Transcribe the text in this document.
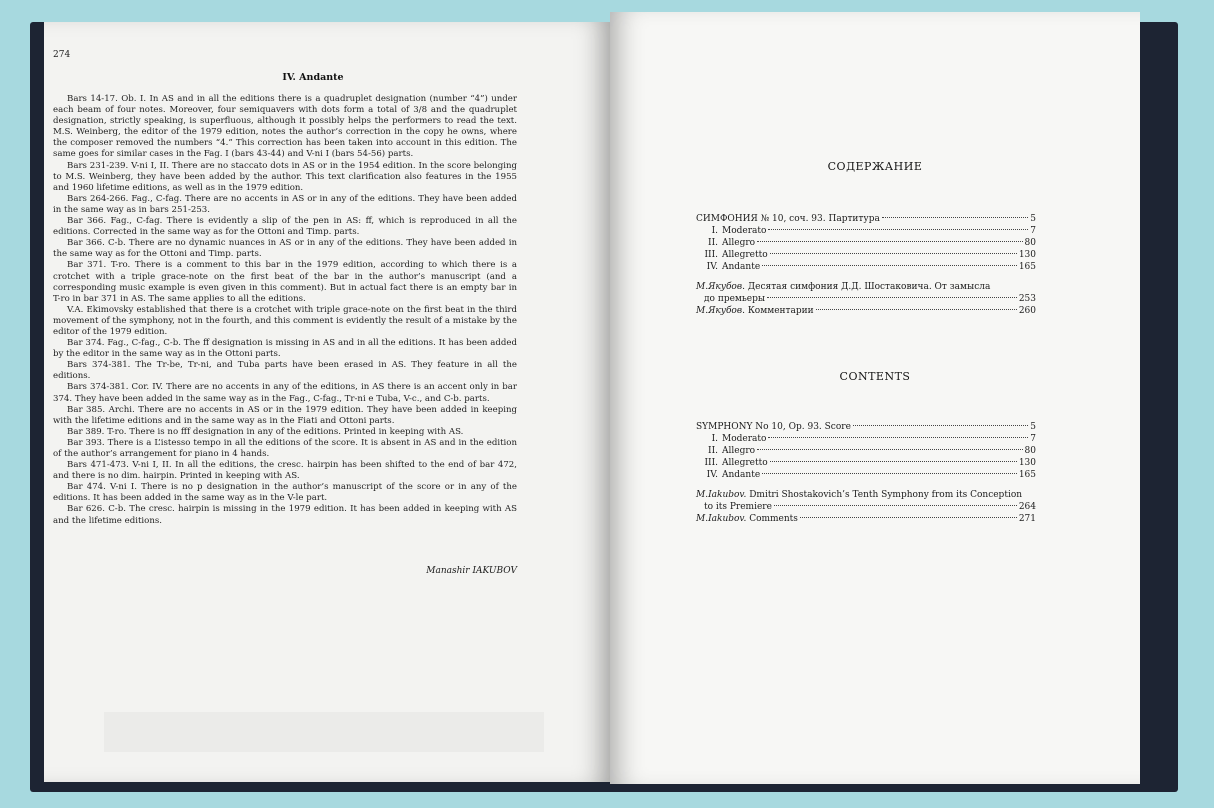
274
IV. Andante

Bars 14-17. Ob. I. In AS and in all the editions there is a quadruplet designation (number “4”) under each beam of four notes. Moreover, four semiquavers with dots form a total of 3/8 and the quadruplet designation, strictly speaking, is superfluous, although it possibly helps the performers to read the text. M.S. Weinberg, the editor of the 1979 edition, notes the author’s correction in the copy he owns, where the composer removed the numbers “4.” This correction has been taken into account in this edition. The same goes for similar cases in the Fag. I (bars 43-44) and V-ni I (bars 54-56) parts.

Bars 231-239. V-ni I, II. There are no staccato dots in AS or in the 1954 edition. In the score belonging to M.S. Weinberg, they have been added by the author. This text clarification also features in the 1955 and 1960 lifetime editions, as well as in the 1979 edition.

Bars 264-266. Fag., C-fag. There are no accents in AS or in any of the editions. They have been added in the same way as in bars 251-253.

Bar 366. Fag., C-fag. There is evidently a slip of the pen in AS: ff, which is reproduced in all the editions. Corrected in the same way as for the Ottoni and Timp. parts.

Bar 366. C-b. There are no dynamic nuances in AS or in any of the editions. They have been added in the same way as for the Ottoni and Timp. parts.

Bar 371. T-ro. There is a comment to this bar in the 1979 edition, according to which there is a crotchet with a triple grace-note on the first beat of the bar in the author’s manuscript (and a corresponding music example is even given in this comment). But in actual fact there is an empty bar in T-ro in bar 371 in AS. The same applies to all the editions.

V.A. Ekimovsky established that there is a crotchet with triple grace-note on the first beat in the third movement of the symphony, not in the fourth, and this comment is evidently the result of a mistake by the editor of the 1979 edition.

Bar 374. Fag., C-fag., C-b. The ff designation is missing in AS and in all the editions. It has been added by the editor in the same way as in the Ottoni parts.

Bars 374-381. The Tr-be, Tr-ni, and Tuba parts have been erased in AS. They feature in all the editions.

Bars 374-381. Cor. IV. There are no accents in any of the editions, in AS there is an accent only in bar 374. They have been added in the same way as in the Fag., C-fag., Tr-ni e Tuba, V-c., and C-b. parts.

Bar 385. Archi. There are no accents in AS or in the 1979 edition. They have been added in keeping with the lifetime editions and in the same way as in the Fiati and Ottoni parts.

Bar 389. T-ro. There is no fff designation in any of the editions. Printed in keeping with AS.

Bar 393. There is a L’istesso tempo in all the editions of the score. It is absent in AS and in the edition of the author’s arrangement for piano in 4 hands.

Bars 471-473. V-ni I, II. In all the editions, the cresc. hairpin has been shifted to the end of bar 472, and there is no dim. hairpin. Printed in keeping with AS.

Bar 474. V-ni I. There is no p designation in the author’s manuscript of the score or in any of the editions. It has been added in the same way as in the V-le part.

Bar 626. C-b. The cresc. hairpin is missing in the 1979 edition. It has been added in keeping with AS and the lifetime editions.

Manashir IAKUBOV
СОДЕРЖАНИЕ
СИМФОНИЯ № 10, соч. 93. Партитура	5
I. Moderato	7
II. Allegro	80
III. Allegretto	130
IV. Andante	165
М.Якубов.
Десятая симфония Д.Д. Шостаковича. От замысла
до премьеры	253
М.Якубов.
Комментарии	260
CONTENTS
SYMPHONY No 10, Op. 93. Score	5
I. Moderato	7
II. Allegro	80
III. Allegretto	130
IV. Andante	165
M.Iakubov.
Dmitri Shostakovich’s Tenth Symphony from its Conception
to its Premiere	264
M.Iakubov.
Comments	271
